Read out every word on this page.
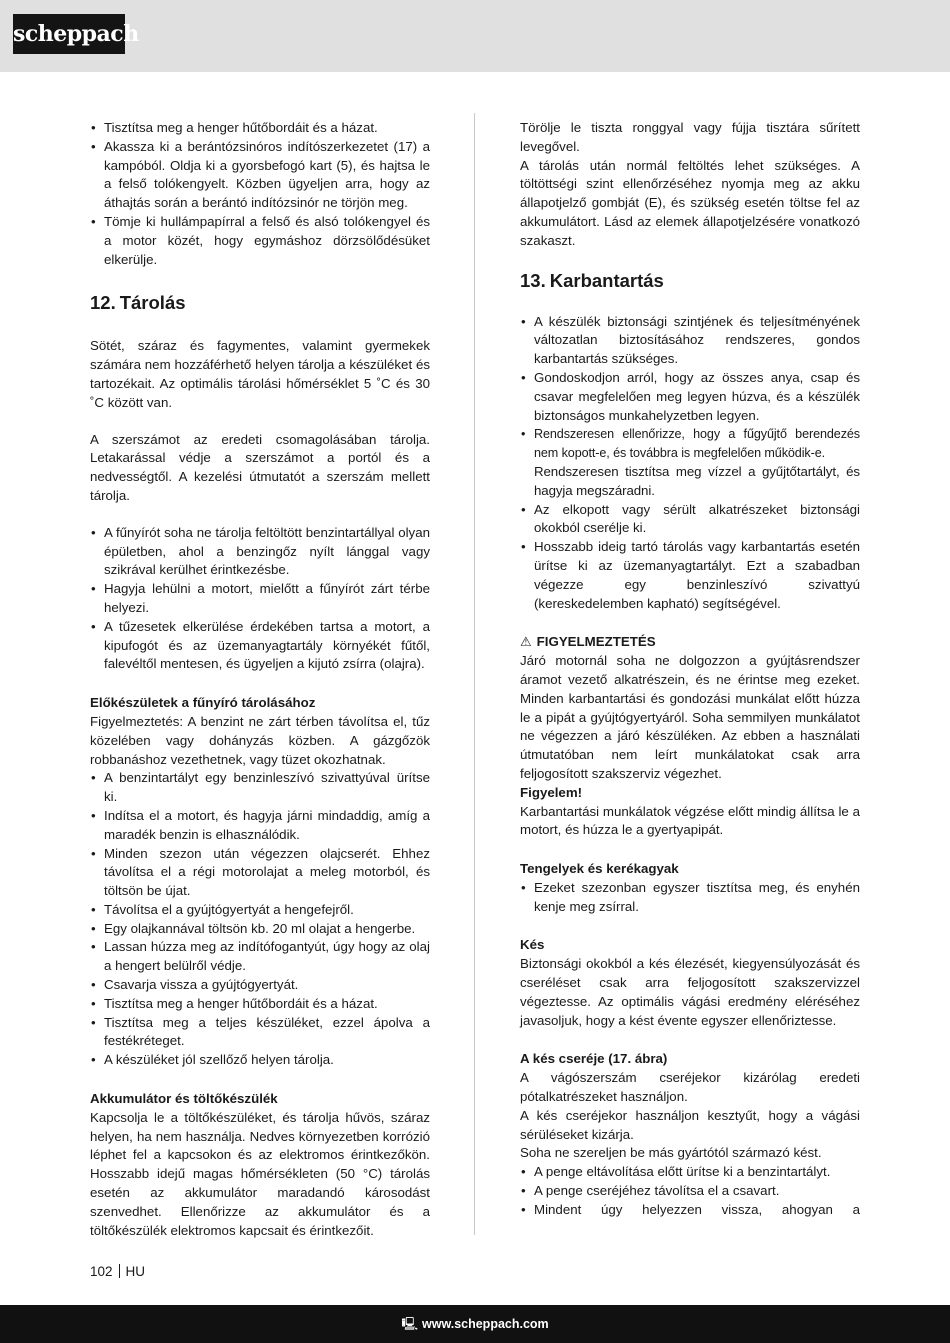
scheppach
• Tisztítsa meg a henger hűtőbordáit és a házat.
• Akassza ki a berántózsinóros indítószerkezetet (17) a kampóból. Oldja ki a gyorsbefogó kart (5), és hajtsa le a felső tolókengyelt. Közben ügyeljen arra, hogy az áthajtás során a berántó indítózsinór ne törjön meg.
• Tömje ki hullámpapírral a felső és alsó tolókengyel és a motor közét, hogy egymáshoz dörzsölődésüket elkerülje.
12. Tárolás

Sötét, száraz és fagymentes, valamint gyermekek számára nem hozzáférhető helyen tárolja a készüléket és tartozékait. Az optimális tárolási hőmérséklet 5 ˚C és 30 ˚C között van.

A szerszámot az eredeti csomagolásában tárolja. Letakarással védje a szerszámot a portól és a nedvességtől. A kezelési útmutatót a szerszám mellett tárolja.

• A fűnyírót soha ne tárolja feltöltött benzintartállyal olyan épületben, ahol a benzingőz nyílt lánggal vagy szikrával kerülhet érintkezésbe.
• Hagyja lehülni a motort, mielőtt a fűnyírót zárt térbe helyezi.
• A tűzesetek elkerülése érdekében tartsa a motort, a kipufogót és az üzemanyagtartály környékét fűtől, falevéltől mentesen, és ügyeljen a kijutó zsírra (olajra).
Előkészületek a fűnyíró tárolásához

Figyelmeztetés: A benzint ne zárt térben távolítsa el, tűz közelében vagy dohányzás közben. A gázgőzök robbanáshoz vezethetnek, vagy tüzet okozhatnak.

• A benzintartályt egy benzinleszívó szivattyúval ürítse ki.
• Indítsa el a motort, és hagyja járni mindaddig, amíg a maradék benzin is elhasználódik.
• Minden szezon után végezzen olajcserét. Ehhez távolítsa el a régi motorolajat a meleg motorból, és töltsön be újat.
• Távolítsa el a gyújtógyertyát a hengefejről.
• Egy olajkannával töltsön kb. 20 ml olajat a hengerbe.
• Lassan húzza meg az indítófogantyút, úgy hogy az olaj a hengert belülről védje.
• Csavarja vissza a gyújtógyertyát.
• Tisztítsa meg a henger hűtőbordáit és a házat.
• Tisztítsa meg a teljes készüléket, ezzel ápolva a festékréteget.
• A készüléket jól szellőző helyen tárolja.
Akkumulátor és töltőkészülék

Kapcsolja le a töltőkészüléket, és tárolja hűvös, száraz helyen, ha nem használja. Nedves környezetben korrózió léphet fel a kapcsokon és az elektromos érintkezőkön. Hosszabb idejű magas hőmérsékleten (50 °C) tárolás esetén az akkumulátor maradandó károsodást szenvedhet. Ellenőrizze az akkumulátor és a töltőkészülék elektromos kapcsait és érintkezőit.

Törölje le tiszta ronggyal vagy fújja tisztára sűrített levegővel.

A tárolás után normál feltöltés lehet szükséges. A töltöttségi szint ellenőrzéséhez nyomja meg az akku állapotjelző gombját (E), és szükség esetén töltse fel az akkumulátort. Lásd az elemek állapotjelzésére vonatkozó szakaszt.

13. Karbantartás
• A készülék biztonsági szintjének és teljesítményének változatlan biztosításához rendszeres, gondos karbantartás szükséges.
• Gondoskodjon arról, hogy az összes anya, csap és csavar megfelelően meg legyen húzva, és a készülék biztonságos munkahelyzetben legyen.
• Rendszeresen ellenőrizze, hogy a fűgyűjtő berendezés nem kopott-e, és továbbra is megfelelően működik-e.
Rendszeresen tisztítsa meg vízzel a gyűjtőtartályt, és hagyja megszáradni.
• Az elkopott vagy sérült alkatrészeket biztonsági okokból cserélje ki.
• Hosszabb ideig tartó tárolás vagy karbantartás esetén ürítse ki az üzemanyagtartályt. Ezt a szabadban végezze egy benzinleszívó szivattyú (kereskedelemben kapható) segítségével.
⚠ FIGYELMEZTETÉS

Járó motornál soha ne dolgozzon a gyújtásrendszer áramot vezető alkatrészein, és ne érintse meg ezeket. Minden karbantartási és gondozási munkálat előtt húzza le a pipát a gyújtógyertyáról. Soha semmilyen munkálatot ne végezzen a járó készüléken. Az ebben a használati útmutatóban nem leírt munkálatokat csak arra feljogosított szakszerviz végezhet.

Figyelem!

Karbantartási munkálatok végzése előtt mindig állítsa le a motort, és húzza le a gyertyapipát.

Tengelyek és kerékagyak
• Ezeket szezonban egyszer tisztítsa meg, és enyhén kenje meg zsírral.
Kés

Biztonsági okokból a kés élezését, kiegyensúlyozását és cseréléset csak arra feljogosított szakszervizzel végeztesse. Az optimális vágási eredmény eléréséhez javasoljuk, hogy a kést évente egyszer ellenőriztesse.

A kés cseréje (17. ábra)

A vágószerszám cseréjekor kizárólag eredeti pótalkatrészeket használjon.

A kés cseréjekor használjon kesztyűt, hogy a vágási sérüléseket kizárja.

Soha ne szereljen be más gyártótól származó kést.

• A penge eltávolítása előtt ürítse ki a benzintartályt.
• A penge cseréjéhez távolítsa el a csavart.
• Mindent úgy helyezzen vissza, ahogyan a
102 HU
🖳 www.scheppach.com
